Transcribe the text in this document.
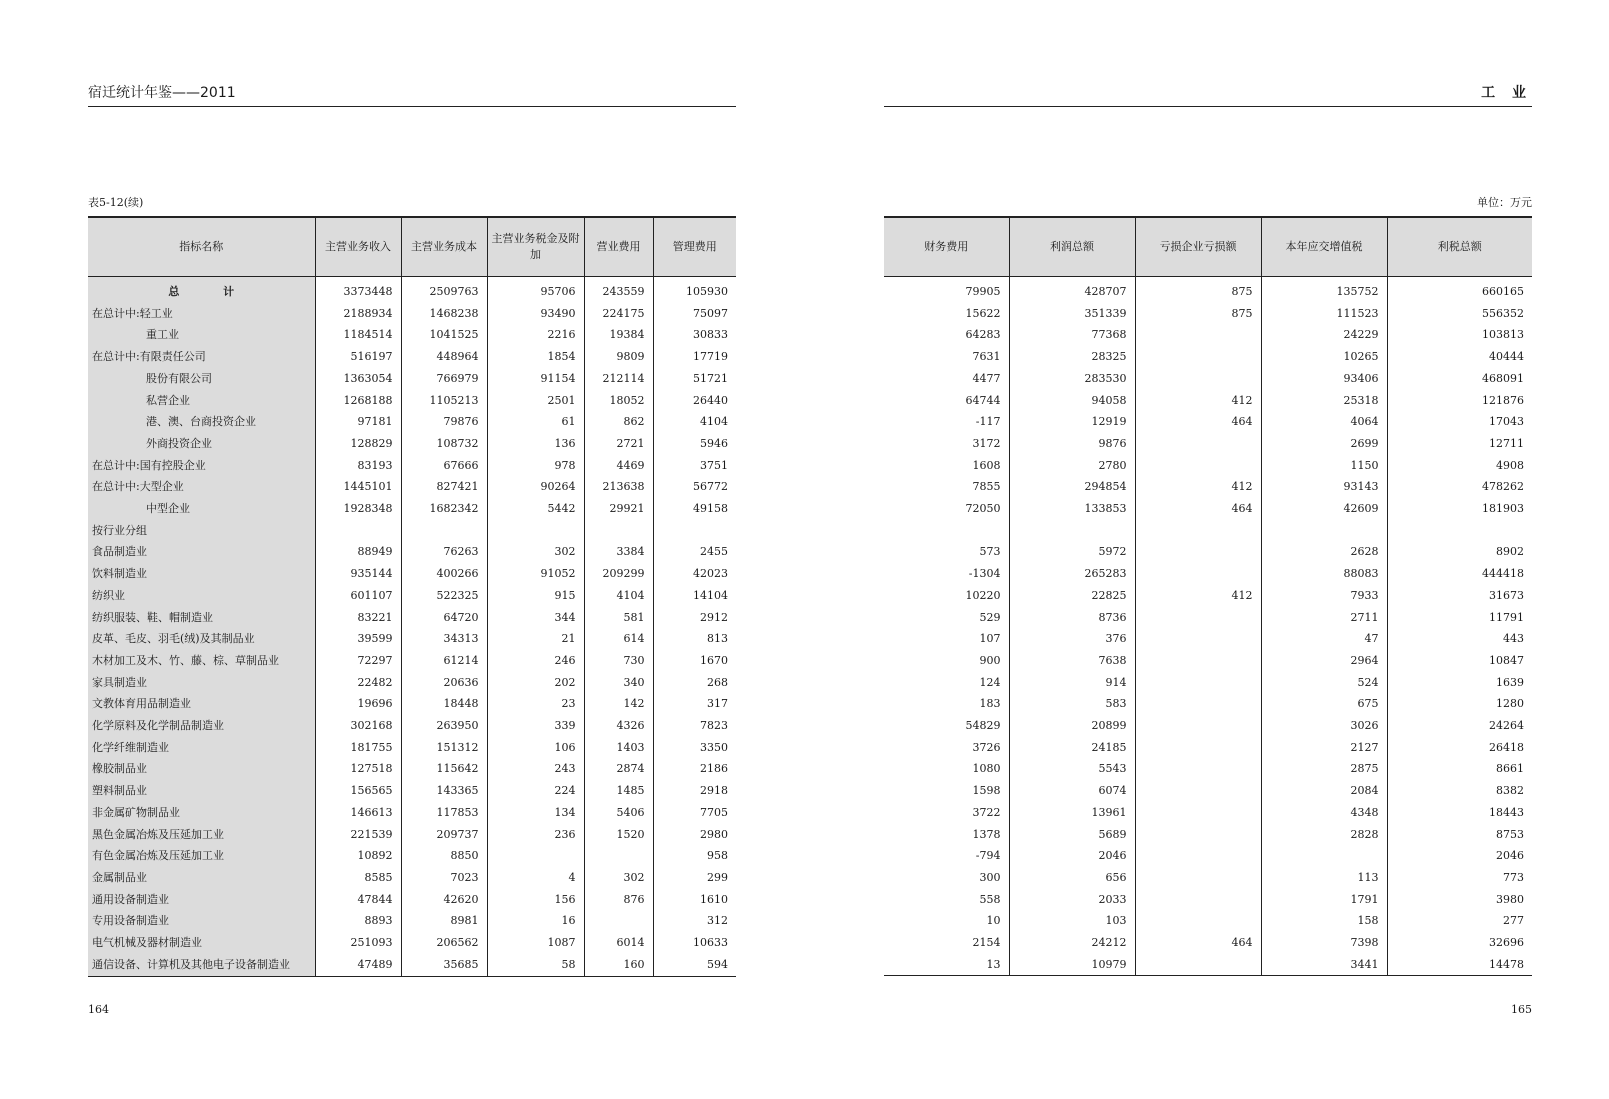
宿迁统计年鉴——2011
表5-12(续)
指标名称	主营业务收入	主营业务成本	主营业务税金及附加	营业费用	管理费用
总 计	3373448	2509763	95706	243559	105930
在总计中:轻工业	2188934	1468238	93490	224175	75097
重工业	1184514	1041525	2216	19384	30833
在总计中:有限责任公司	516197	448964	1854	9809	17719
股份有限公司	1363054	766979	91154	212114	51721
私营企业	1268188	1105213	2501	18052	26440
港、澳、台商投资企业	97181	79876	61	862	4104
外商投资企业	128829	108732	136	2721	5946
在总计中:国有控股企业	83193	67666	978	4469	3751
在总计中:大型企业	1445101	827421	90264	213638	56772
中型企业	1928348	1682342	5442	29921	49158
按行业分组					
食品制造业	88949	76263	302	3384	2455
饮料制造业	935144	400266	91052	209299	42023
纺织业	601107	522325	915	4104	14104
纺织服装、鞋、帽制造业	83221	64720	344	581	2912
皮革、毛皮、羽毛(绒)及其制品业	39599	34313	21	614	813
木材加工及木、竹、藤、棕、草制品业	72297	61214	246	730	1670
家具制造业	22482	20636	202	340	268
文教体育用品制造业	19696	18448	23	142	317
化学原料及化学制品制造业	302168	263950	339	4326	7823
化学纤维制造业	181755	151312	106	1403	3350
橡胶制品业	127518	115642	243	2874	2186
塑料制品业	156565	143365	224	1485	2918
非金属矿物制品业	146613	117853	134	5406	7705
黑色金属冶炼及压延加工业	221539	209737	236	1520	2980
有色金属冶炼及压延加工业	10892	8850			958
金属制品业	8585	7023	4	302	299
通用设备制造业	47844	42620	156	876	1610
专用设备制造业	8893	8981	16		312
电气机械及器材制造业	251093	206562	1087	6014	10633
通信设备、计算机及其他电子设备制造业	47489	35685	58	160	594
164
工 业
单位：万元
财务费用	利润总额	亏损企业亏损额	本年应交增值税	利税总额
79905	428707	875	135752	660165
15622	351339	875	111523	556352
64283	77368		24229	103813
7631	28325		10265	40444
4477	283530		93406	468091
64744	94058	412	25318	121876
-117	12919	464	4064	17043
3172	9876		2699	12711
1608	2780		1150	4908
7855	294854	412	93143	478262
72050	133853	464	42609	181903

573	5972		2628	8902
-1304	265283		88083	444418
10220	22825	412	7933	31673
529	8736		2711	11791
107	376		47	443
900	7638		2964	10847
124	914		524	1639
183	583		675	1280
54829	20899		3026	24264
3726	24185		2127	26418
1080	5543		2875	8661
1598	6074		2084	8382
3722	13961		4348	18443
1378	5689		2828	8753
-794	2046			2046
300	656		113	773
558	2033		1791	3980
10	103		158	277
2154	24212	464	7398	32696
13	10979		3441	14478
165
